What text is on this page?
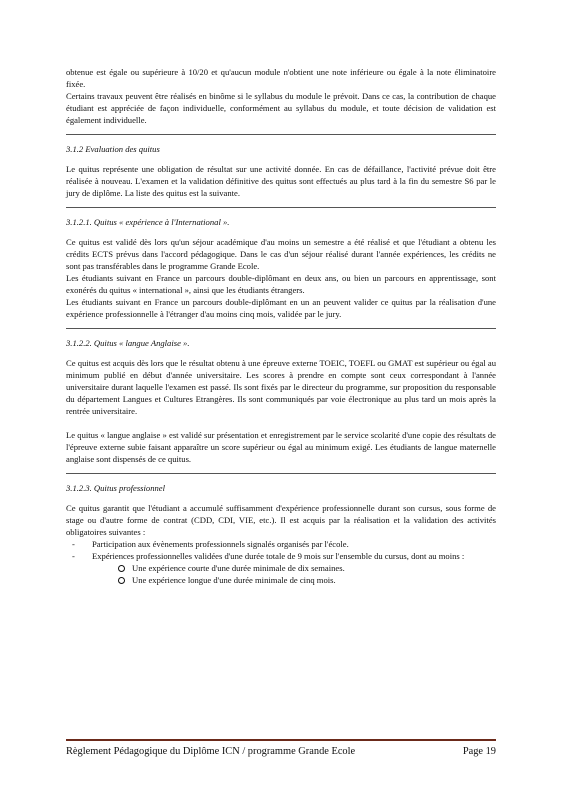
obtenue est égale ou supérieure à 10/20 et qu'aucun module n'obtient une note inférieure ou égale à la note éliminatoire fixée.

Certains travaux peuvent être réalisés en binôme si le syllabus du module le prévoit. Dans ce cas, la contribution de chaque étudiant est appréciée de façon individuelle, conformément au syllabus du module, et toute décision de validation est également individuelle.

3.1.2 Evaluation des quitus

Le quitus représente une obligation de résultat sur une activité donnée. En cas de défaillance, l'activité prévue doit être réalisée à nouveau. L'examen et la validation définitive des quitus sont effectués au plus tard à la fin du semestre S6 par le jury de diplôme. La liste des quitus est la suivante.

3.1.2.1. Quitus « expérience à l'International ».

Ce quitus est validé dès lors qu'un séjour académique d'au moins un semestre a été réalisé et que l'étudiant a obtenu les crédits ECTS prévus dans l'accord pédagogique. Dans le cas d'un séjour réalisé durant l'année expériences, les crédits ne sont pas transférables dans le programme Grande Ecole.

Les étudiants suivant en France un parcours double-diplômant en deux ans, ou bien un parcours en apprentissage, sont exonérés du quitus « international », ainsi que les étudiants étrangers.

Les étudiants suivant en France un parcours double-diplômant en un an peuvent valider ce quitus par la réalisation d'une expérience professionnelle à l'étranger d'au moins cinq mois, validée par le jury.

3.1.2.2. Quitus « langue Anglaise ».

Ce quitus est acquis dès lors que le résultat obtenu à une épreuve externe TOEIC, TOEFL ou GMAT est supérieur ou égal au minimum publié en début d'année universitaire. Les scores à prendre en compte sont ceux correspondant à l'année universitaire durant laquelle l'examen est passé. Ils sont fixés par le directeur du programme, sur proposition du responsable du département Langues et Cultures Etrangères. Ils sont communiqués par voie électronique au plus tard un mois après la rentrée universitaire.

Le quitus « langue anglaise » est validé sur présentation et enregistrement par le service scolarité d'une copie des résultats de l'épreuve externe subie faisant apparaître un score supérieur ou égal au minimum exigé. Les étudiants de langue maternelle anglaise sont dispensés de ce quitus.

3.1.2.3. Quitus professionnel

Ce quitus garantit que l'étudiant a accumulé suffisamment d'expérience professionnelle durant son cursus, sous forme de stage ou d'autre forme de contrat (CDD, CDI, VIE, etc.). Il est acquis par la réalisation et la validation des activités obligatoires suivantes :

- Participation aux évènements professionnels signalés organisés par l'école.
- Expériences professionnelles validées d'une durée totale de 9 mois sur l'ensemble du cursus, dont au moins :
Une expérience courte d'une durée minimale de dix semaines.
Une expérience longue d'une durée minimale de cinq mois.
Règlement Pédagogique du Diplôme ICN / programme Grande Ecole	Page 19
